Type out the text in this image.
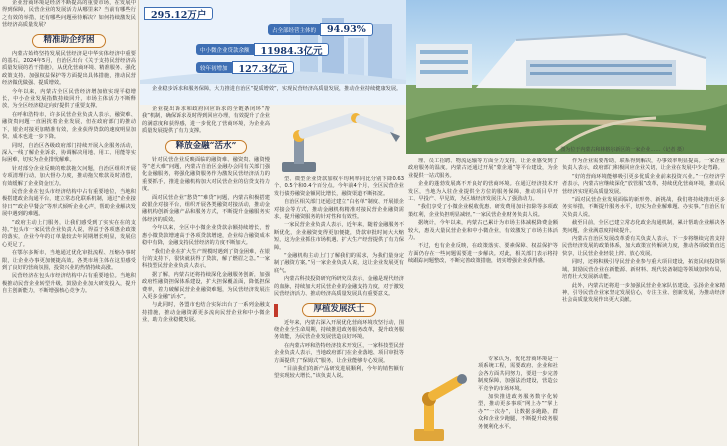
企业营商环境是经济不断提高的重要市场，在发展中得到保障，民营企业的发展活力从哪里来？当前有哪些行之有效的举措，还有哪些问题亟待解决？如何持续激发民营经济高质量发展？

精准助企纾困

内蒙古始终坚持发展民营经济是中华实体经济中重要的基石。2024年5月，自治区出台《关于支持民营经济高质量发展的若干措施》，从优化营商环境、精准服务、强化政策支持、加强权益保护等方面提出具体措施，推动民营经济做优做强、提质增效。

今年以来，内蒙古全区民营经济增加值实现平稳增长，中小企业发展指数持续回升，市场主体活力不断释放，为全区经济稳定向好提供了重要支撑。

在呼和浩特市，许多民营企业负责人表示，融资难、融资贵问题一直困扰着企业发展，但在政府部门的推动下，银企对接更加精准有效，企业获得贷款的速度明显加快，成本也进一步下降。

同时，自治区各级政府部门持续开展入企服务活动，深入一线了解企业诉求，协调解决用地、用工、用能等实际困难，切实为企业排忧解难。

针对部分企业反映的账款拖欠问题，自治区组织开展专项清理行动，加大督办力度，推动拖欠账款及时清偿，有效缓解了企业资金压力。

民营企业在包头市经济结构中占有重要地位，当地积极搭建政企沟通平台，建立常态化联系机制，通过“企业接待日”“政企早餐会”等形式倾听企业心声，帮助企业解决发展中遇到的难题。

“政府主动上门服务，让我们感受到了实实在在的支持。”包头市一家民营企业负责人说，得益于各项惠企政策的落实，企业今年的订单量较去年同期增长明显，发展信心更足了。

在鄂尔多斯市，当地通过优化审批流程、压缩办事时限，让企业办事更加便捷高效。各类市场主体在这里感受到了良好的营商氛围，投资兴业的热情持续高涨。

民营经济在包头市经济结构中占有重要地位。当地积极推动民营企业转型升级，鼓励企业加大研发投入，提升自主创新能力，不断增强核心竞争力。

295.12万户
占全部经营主体的	94.93%
中小微企业贷款余额	11984.3亿元
较年初增加	127.3亿元
企业稳步诉求和服务保障，大力推进自治区“提质增效”，实现民营经济高质量发展，推动企业持续健康发展。
图为位于内蒙古和林格尔新区的一家企业……（记者 摄）

企业提出诉求和政府回应诉求的全链条闭环“帮我”机制，确保诉求及时得到回应办理，有效提升了企业的满意度和获得感，进一步优化了营商环境，为企业高质量发展提供了有力支撑。

释放金融“活水”

针对民营企业反映面临的融资难、融资贵、融资慢等“老大难”问题，内蒙古自治区金融办会同有关部门强化金融服务，将强化融资服务作为激发民营经济活力的重要抓手，推进金融机构加大对民营企业的信贷支持力度。

面对民营企业“愁贷”“难贷”问题，内蒙古积极搭建政银企对接平台，组织开展各类融资对接活动，推动金融机构创新金融产品和服务方式，不断提升金融服务实体经济的质效。

今年以来，全区中小微企业贷款余额持续增长，普惠小微贷款增速高于各项贷款增速，企业综合融资成本稳中有降，金融支持民营经济的力度不断加大。

“我们企业在扩大生产规模时遇到了资金困难，在银行的支持下，很快就获得了贷款，解了燃眉之急。”一家科技型民营企业负责人表示。

据了解，内蒙古还将持续深化金融服务创新，加强政府性融资担保体系建设，扩大担保覆盖面，降低担保费率，着力破解民营企业融资难题，为民营经济发展注入更多金融“活水”。

与此同时，各盟市也结合实际出台了一系列金融支持措施，推动金融资源更多流向民营企业和中小微企业，助力企业稳健发展。

型、微型企业贷款加权平均利率同比分别下降0.63个、0.5个和0.4个百分点。今年前4个月，全区民营企业发行债券融资金额同比增长，融资渠道不断拓宽。

自治区相关部门还通过建立“白名单”制度、开展银企对接会等方式，推动金融机构精准对接民营企业融资需求，提升融资服务的针对性和有效性。

一家民营企业负责人表示，近年来，随着金融服务不断优化，企业融资变得更加便捷，贷款审批时间大大缩短，这为企业抓住市场机遇、扩大生产经营提供了有力保障。

“金融机构主动上门了解我们的需求，为我们量身定制了融资方案。”另一家企业负责人说，这让企业发展更有底气。

内蒙古科技投资研究所研究员表示，金融是现代经济的血脉，持续加大对民营企业的金融支持力度，对于激发民营经济活力、推动经济高质量发展具有重要意义。

厚植发展沃土

近年来，内蒙古深入开展优化营商环境攻坚行动，围绕企业全生命周期，持续推进政务服务改革，提升政务服务效能，为民营企业发展营造良好环境。

在内蒙古呼和浩特经济技术开发区，一家科技型民营企业负责人表示，当地政府部门在企业落地、项目审批等方面提供了“保姆式”服务，让企业能够专心发展。

“目前我们的新产品研发进展顺利，今年的销售额有望实现较大增长。”该负责人说。

理、员工招聘、物流运输等方面全力支持，让企业感受到了政府服务的温度。内蒙古还通过开展“蒙企通”等平台建设，为企业提供一站式服务。

企业的蓬勃发展离不开良好的营商环境。在通辽经济技术开发区，当地为入驻企业提供全方位的服务保障，推动项目早开工、早投产、早见效，为区域经济发展注入了强劲动力。

“我们享受了小微企业税收优惠、研发费用加计扣除等多项政策红利，企业负担明显减轻。”一家民营企业财务负责人说。

据统计，今年以来，内蒙古已累计为市场主体减税降费金额较大，惠及大量民营企业和中小微企业，有效激发了市场主体活力。

不过，也有企业反映，在政策落实、要素保障、权益保护等方面仍存在一些问题需要进一步解决。对此，相关部门表示将持续跟踪问题整改，不断完善政策措施，切实增强企业获得感。

专家认为，优化营商环境是一项系统工程，需要政府、企业和社会各方面共同努力，要进一步完善制度保障，加强法治建设，营造公平竞争的市场环境。

加快推进政务服务数字化转型，推动更多事项“网上办”“掌上办”“一次办”，让数据多跑路，群众和企业少跑腿，不断提升政务服务便利化水平。

作为企业需要帮助，联系得到解决，办事效率明显提高。一家企业负责人表示，政府部门积极回应企业关切，让企业在发展中少走弯路。

“好的营商环境能够吸引更多优质企业前来投资兴业。”一位经济学者表示，内蒙古应继续深化“放管服”改革，持续优化营商环境，推动民营经济实现更高质量发展。

“面对民营企业发展面临的新形势、新挑战，我们将持续推出更多务实举措，不断提升服务水平，切实为企业解难题、办实事。”自治区有关负责人说。

截至目前，全区已建立常态化政企沟通机制，累计帮助企业解决各类问题，企业满意度持续提升。

内蒙古自治区发展改革委有关负责人表示，下一步将继续完善支持民营经济发展的政策体系，加大政策宣传解读力度，推动各项政策直达快享，让民营企业轻装上阵、放心发展。

同时，还将积极引导民营企业参与重大项目建设，拓宽民间投资领域，鼓励民营企业在新能源、新材料、现代装备制造等领域加快布局，培育壮大发展新动能。

此外，内蒙古还将进一步加强民营企业家队伍建设，弘扬企业家精神，引导民营企业家坚定发展信心，专注主业、创新发展，为推动经济社会高质量发展作出更大贡献。
